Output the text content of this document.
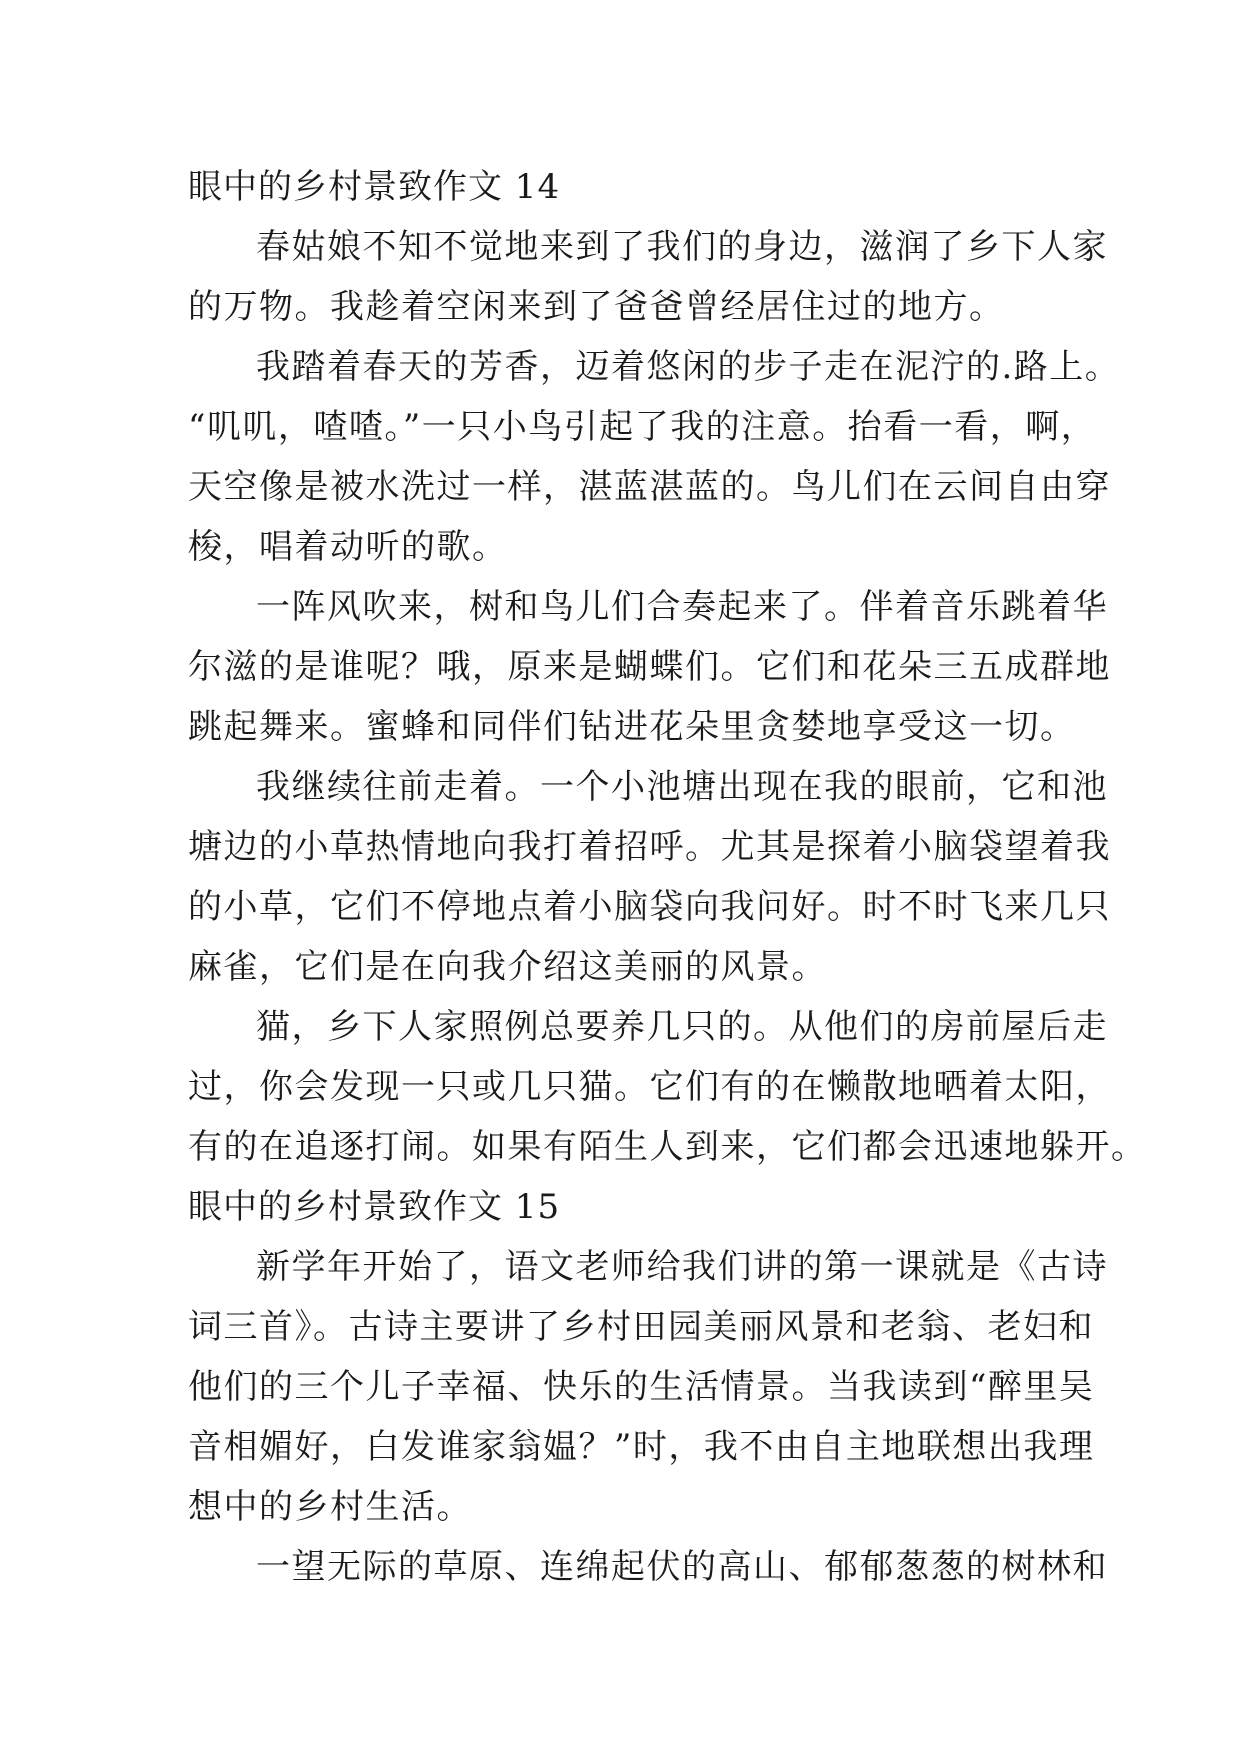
眼中的乡村景致作文 14
春姑娘不知不觉地来到了我们的身边，滋润了乡下人家
的万物。我趁着空闲来到了爸爸曾经居住过的地方。
我踏着春天的芳香，迈着悠闲的步子走在泥泞的.路上。
“叽叽，喳喳。”一只小鸟引起了我的注意。抬看一看，啊，
天空像是被水洗过一样，湛蓝湛蓝的。鸟儿们在云间自由穿
梭，唱着动听的歌。
一阵风吹来，树和鸟儿们合奏起来了。伴着音乐跳着华
尔滋的是谁呢？哦，原来是蝴蝶们。它们和花朵三五成群地
跳起舞来。蜜蜂和同伴们钻进花朵里贪婪地享受这一切。
我继续往前走着。一个小池塘出现在我的眼前，它和池
塘边的小草热情地向我打着招呼。尤其是探着小脑袋望着我
的小草，它们不停地点着小脑袋向我问好。时不时飞来几只
麻雀，它们是在向我介绍这美丽的风景。
猫，乡下人家照例总要养几只的。从他们的房前屋后走
过，你会发现一只或几只猫。它们有的在懒散地晒着太阳，
有的在追逐打闹。如果有陌生人到来，它们都会迅速地躲开。
眼中的乡村景致作文 15
新学年开始了，语文老师给我们讲的第一课就是《古诗
词三首》。古诗主要讲了乡村田园美丽风景和老翁、老妇和
他们的三个儿子幸福、快乐的生活情景。当我读到“醉里吴
音相媚好，白发谁家翁媪？”时，我不由自主地联想出我理
想中的乡村生活。
一望无际的草原、连绵起伏的高山、郁郁葱葱的树林和
